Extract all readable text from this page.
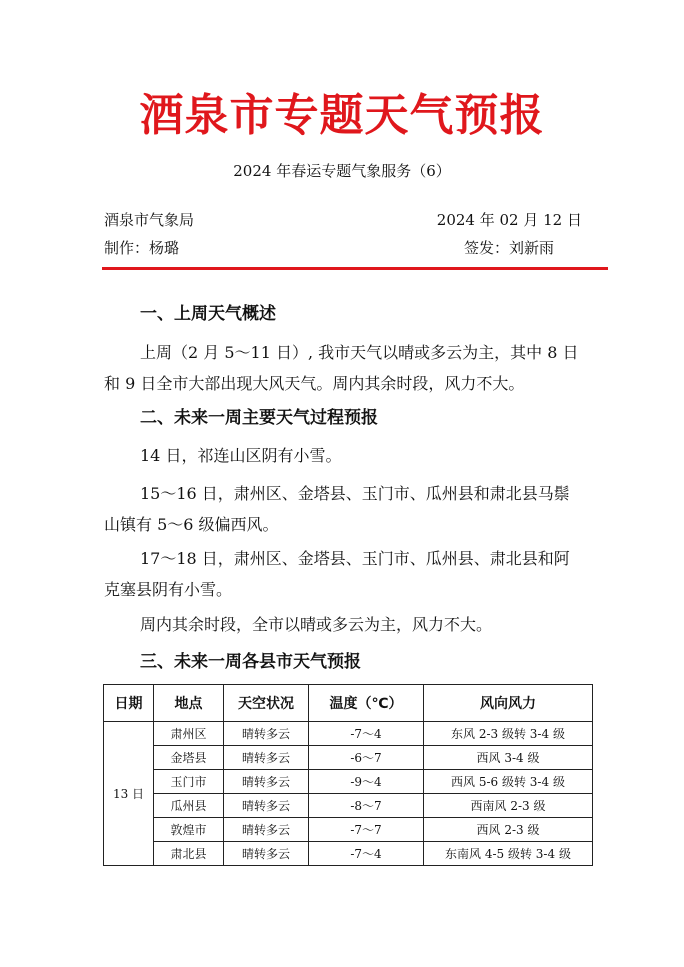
酒泉市专题天气预报
2024 年春运专题气象服务（6）
酒泉市气象局	2024 年 02 月 12 日
制作：杨璐	签发：刘新雨
一、上周天气概述
上周（2 月 5～11 日）, 我市天气以晴或多云为主，其中 8 日和 9 日全市大部出现大风天气。周内其余时段，风力不大。
二、未来一周主要天气过程预报
14 日，祁连山区阴有小雪。
15～16 日，肃州区、金塔县、玉门市、瓜州县和肃北县马鬃山镇有 5～6 级偏西风。
17～18 日，肃州区、金塔县、玉门市、瓜州县、肃北县和阿克塞县阴有小雪。
周内其余时段，全市以晴或多云为主，风力不大。
三、未来一周各县市天气预报
日期	地点	天空状况	温度（℃）	风向风力
13 日	肃州区	晴转多云	-7～4	东风 2-3 级转 3-4 级
	金塔县	晴转多云	-6～7	西风 3-4 级
	玉门市	晴转多云	-9～4	西风 5-6 级转 3-4 级
	瓜州县	晴转多云	-8～7	西南风 2-3 级
	敦煌市	晴转多云	-7～7	西风 2-3 级
	肃北县	晴转多云	-7～4	东南风 4-5 级转 3-4 级
